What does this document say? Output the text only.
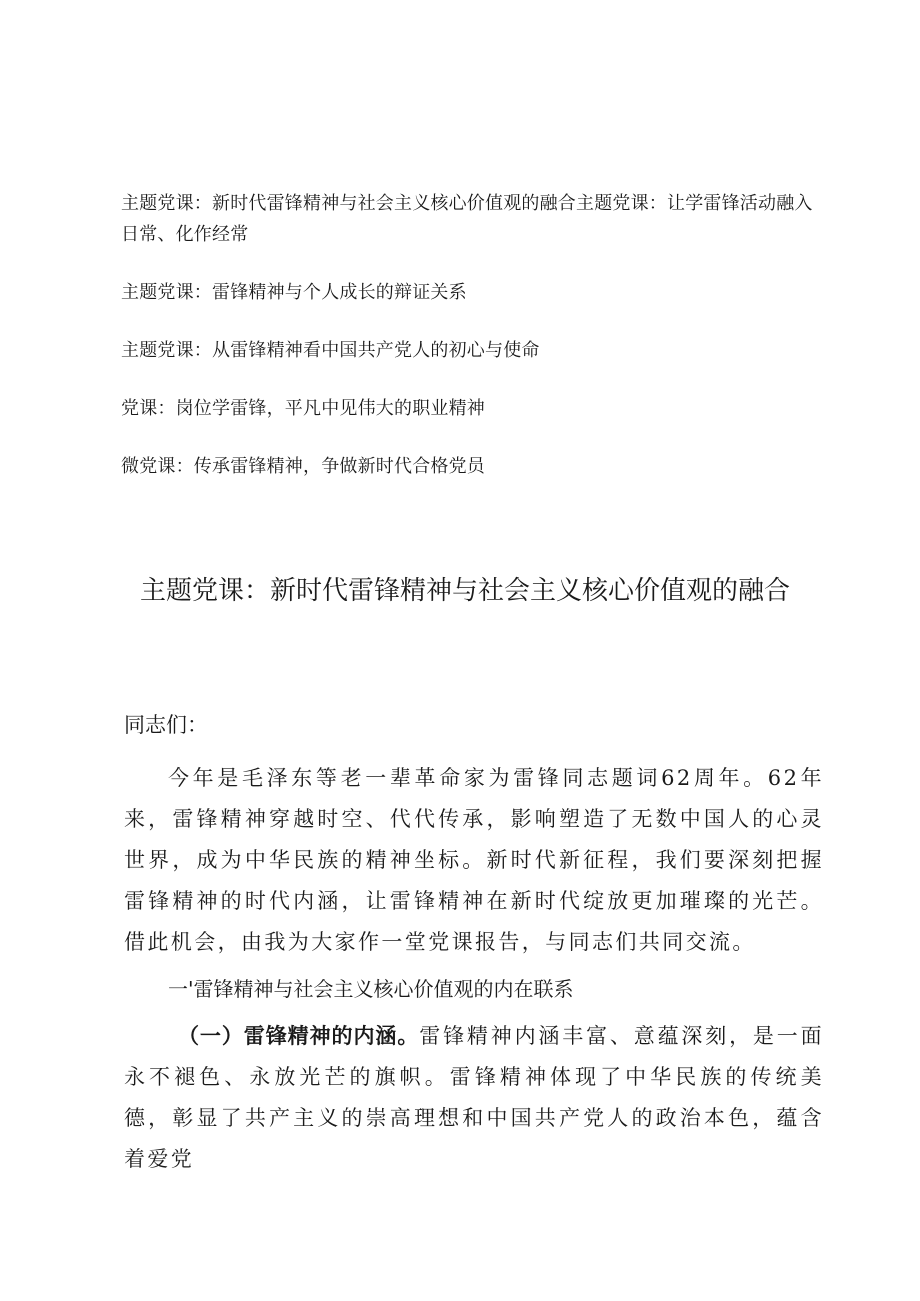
主题党课：新时代雷锋精神与社会主义核心价值观的融合主题党课：让学雷锋活动融入日常、化作经常
主题党课：雷锋精神与个人成长的辩证关系
主题党课：从雷锋精神看中国共产党人的初心与使命
党课：岗位学雷锋，平凡中见伟大的职业精神
微党课：传承雷锋精神，争做新时代合格党员
主题党课：新时代雷锋精神与社会主义核心价值观的融合

同志们：

今年是毛泽东等老一辈革命家为雷锋同志题词62周年。62年来，雷锋精神穿越时空、代代传承，影响塑造了无数中国人的心灵世界，成为中华民族的精神坐标。新时代新征程，我们要深刻把握雷锋精神的时代内涵，让雷锋精神在新时代绽放更加璀璨的光芒。借此机会，由我为大家作一堂党课报告，与同志们共同交流。

一'雷锋精神与社会主义核心价值观的内在联系

（一）雷锋精神的内涵。雷锋精神内涵丰富、意蕴深刻，是一面永不褪色、永放光芒的旗帜。雷锋精神体现了中华民族的传统美德，彰显了共产主义的崇高理想和中国共产党人的政治本色，蕴含着爱党
